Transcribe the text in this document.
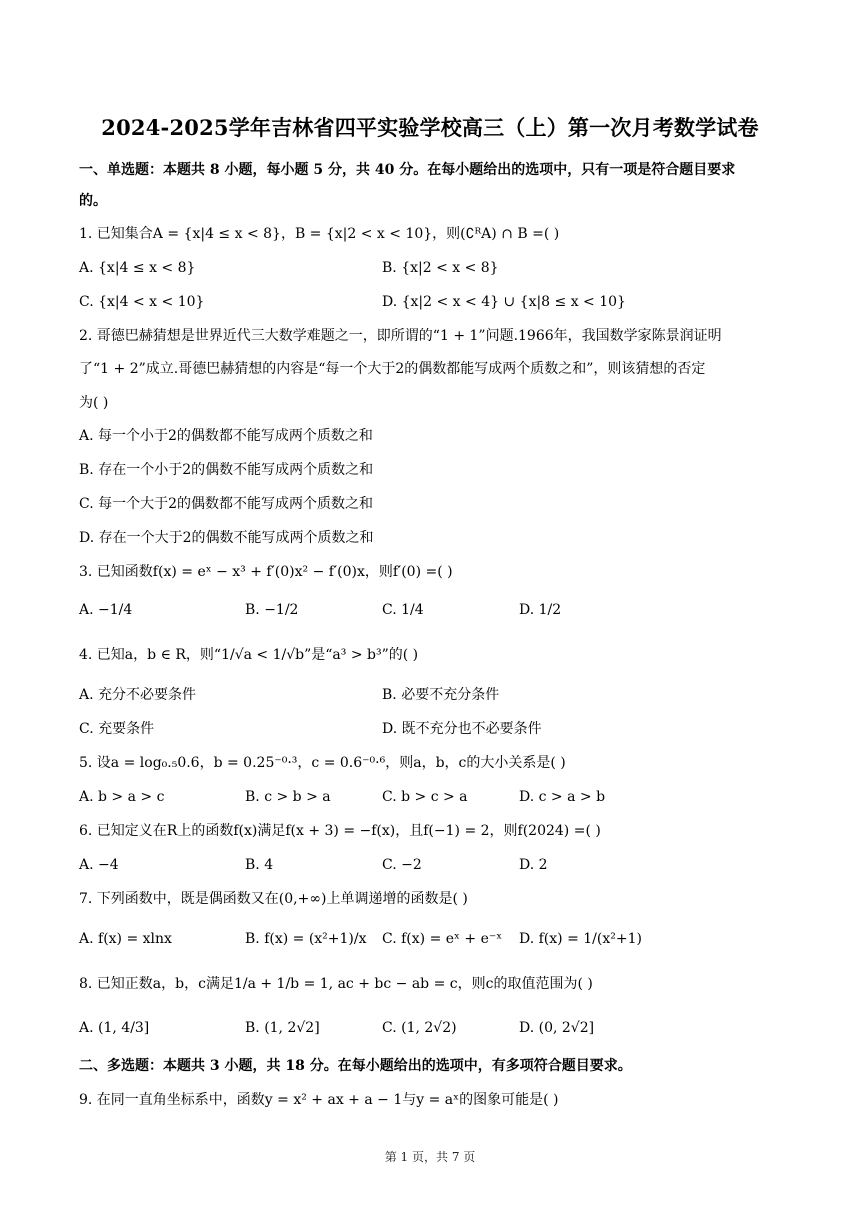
2024-2025学年吉林省四平实验学校高三（上）第一次月考数学试卷
一、单选题：本题共 8 小题，每小题 5 分，共 40 分。在每小题给出的选项中，只有一项是符合题目要求
的。
1. 已知集合A = {x|4 ≤ x < 8}，B = {x|2 < x < 10}，则(∁ᴿA) ∩ B =( )
A. {x|4 ≤ x < 8}	B. {x|2 < x < 8}
C. {x|4 < x < 10}	D. {x|2 < x < 4} ∪ {x|8 ≤ x < 10}
2. 哥德巴赫猜想是世界近代三大数学难题之一，即所谓的“1 + 1”问题.1966年，我国数学家陈景润证明
了“1 + 2”成立.哥德巴赫猜想的内容是“每一个大于2的偶数都能写成两个质数之和”，则该猜想的否定
为( )
A. 每一个小于2的偶数都不能写成两个质数之和
B. 存在一个小于2的偶数不能写成两个质数之和
C. 每一个大于2的偶数都不能写成两个质数之和
D. 存在一个大于2的偶数不能写成两个质数之和
3. 已知函数f(x) = eˣ − x³ + f′(0)x² − f′(0)x，则f′(0) =( )
A. −1/4	B. −1/2	C. 1/4	D. 1/2
4. 已知a，b ∈ R，则“1/√a < 1/√b”是“a³ > b³”的( )
A. 充分不必要条件	B. 必要不充分条件
C. 充要条件	D. 既不充分也不必要条件
5. 设a = log₀.₅0.6，b = 0.25⁻⁰·³，c = 0.6⁻⁰·⁶，则a，b，c的大小关系是( )
A. b > a > c	B. c > b > a	C. b > c > a	D. c > a > b
6. 已知定义在R上的函数f(x)满足f(x + 3) = −f(x)，且f(−1) = 2，则f(2024) =( )
A. −4	B. 4	C. −2	D. 2
7. 下列函数中，既是偶函数又在(0,+∞)上单调递增的函数是( )
A. f(x) = xlnx	B. f(x) = (x²+1)/x C. f(x) = eˣ + e⁻ˣ D. f(x) = 1/(x²+1)
8. 已知正数a，b，c满足1/a + 1/b = 1, ac + bc − ab = c，则c的取值范围为( )
A. (1, 4/3]	B. (1, 2√2]	C. (1, 2√2)	D. (0, 2√2]
二、多选题：本题共 3 小题，共 18 分。在每小题给出的选项中，有多项符合题目要求。
9. 在同一直角坐标系中，函数y = x² + ax + a − 1与y = aˣ的图象可能是( )
第 1 页，共 7 页
